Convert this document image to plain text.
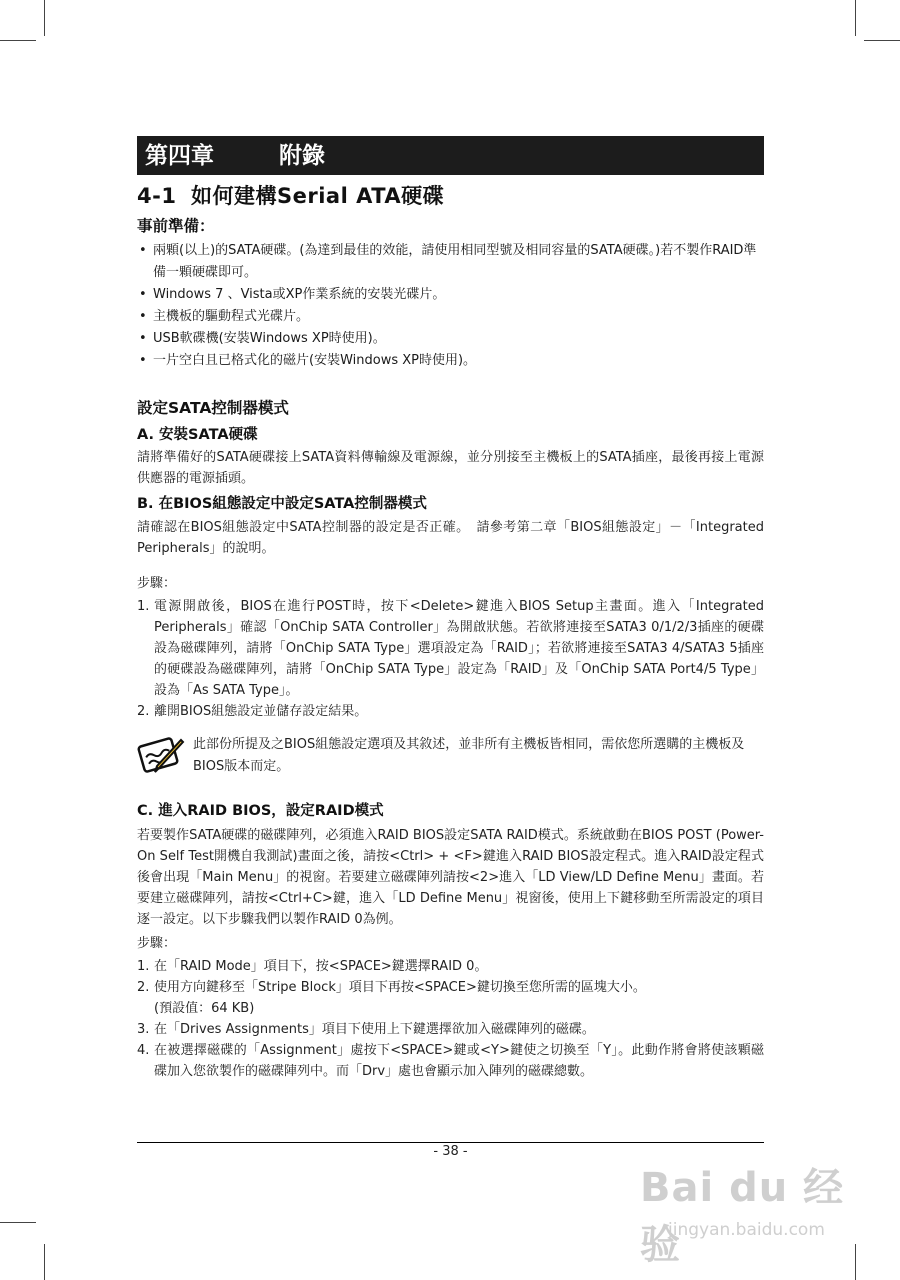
第四章	附錄
4-1 如何建構Serial ATA硬碟
事前準備：
• 兩顆(以上)的SATA硬碟。(為達到最佳的效能，請使用相同型號及相同容量的SATA硬碟。)若不製作RAID準備一顆硬碟即可。
• Windows 7 、Vista或XP作業系統的安裝光碟片。
• 主機板的驅動程式光碟片。
• USB軟碟機(安裝Windows XP時使用)。
• 一片空白且已格式化的磁片(安裝Windows XP時使用)。
設定SATA控制器模式
A. 安裝SATA硬碟
請將準備好的SATA硬碟接上SATA資料傳輸線及電源線，並分別接至主機板上的SATA插座，最後再接上電源供應器的電源插頭。
B. 在BIOS組態設定中設定SATA控制器模式
請確認在BIOS組態設定中SATA控制器的設定是否正確。　請參考第二章「BIOS組態設定」－「Integrated Peripherals」的說明。
步驟：
1. 電源開啟後，BIOS在進行POST時，按下<Delete>鍵進入BIOS Setup主畫面。進入「Integrated Peripherals」確認「OnChip SATA Controller」為開啟狀態。若欲將連接至SATA3 0/1/2/3插座的硬碟設為磁碟陣列，請將「OnChip SATA Type」選項設定為「RAID」；若欲將連接至SATA3 4/SATA3 5插座的硬碟設為磁碟陣列，請將「OnChip SATA Type」設定為「RAID」及「OnChip SATA Port4/5 Type」設為「As SATA Type」。
2. 離開BIOS組態設定並儲存設定結果。
此部份所提及之BIOS組態設定選項及其敘述，並非所有主機板皆相同，需依您所選購的主機板及BIOS版本而定。
C. 進入RAID BIOS，設定RAID模式
若要製作SATA硬碟的磁碟陣列，必須進入RAID BIOS設定SATA RAID模式。系統啟動在BIOS POST (Power-On Self Test開機自我測試)畫面之後，請按<Ctrl> + <F>鍵進入RAID BIOS設定程式。進入RAID設定程式後會出現「Main Menu」的視窗。若要建立磁碟陣列請按<2>進入「LD View/LD Define Menu」畫面。若要建立磁碟陣列，請按<Ctrl+C>鍵，進入「LD Define Menu」視窗後，使用上下鍵移動至所需設定的項目逐一設定。以下步驟我們以製作RAID 0為例。
步驟：
1. 在「RAID Mode」項目下，按<SPACE>鍵選擇RAID 0。
2. 使用方向鍵移至「Stripe Block」項目下再按<SPACE>鍵切換至您所需的區塊大小。
(預設值：64 KB)
3. 在「Drives Assignments」項目下使用上下鍵選擇欲加入磁碟陣列的磁碟。
4. 在被選擇磁碟的「Assignment」處按下<SPACE>鍵或<Y>鍵使之切換至「Y」。此動作將會將使該顆磁碟加入您欲製作的磁碟陣列中。而「Drv」處也會顯示加入陣列的磁碟總數。
- 38 -
Bai du 经验
jingyan.baidu.com
